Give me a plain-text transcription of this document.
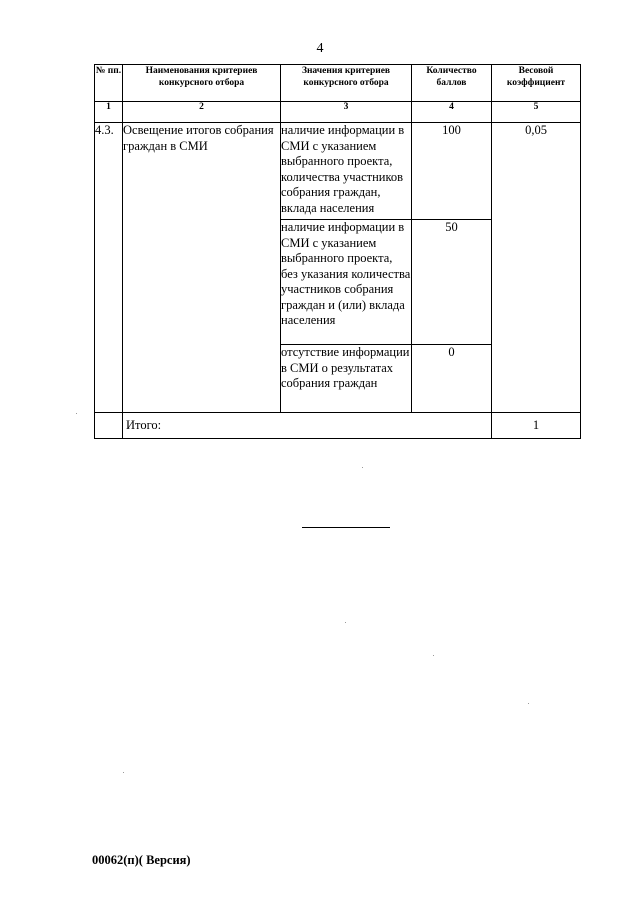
4
№ пп.	Наименования критериев конкурсного отбора	Значения критериев конкурсного отбора	Количество баллов	Весовой коэффициент
1	2	3	4	5
4.3.	Освещение итогов собрания граждан в СМИ	наличие информации в СМИ с указанием выбранного проекта, количества участников собрания граждан, вклада населения	100	0,05
		наличие информации в СМИ с указанием выбранного проекта, без указания количества участников собрания граждан и (или) вклада населения	50	
		отсутствие информации в СМИ о результатах собрания граждан	0	
	Итого:			1
00062(п)( Версия)
